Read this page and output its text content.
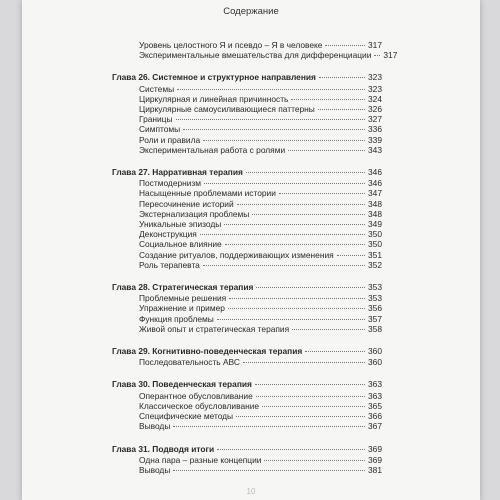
Содержание
Уровень целостного Я и псевдо – Я в человеке	317
Экспериментальные вмешательства для дифференциации 317
Глава 26. Системное и структурное направления	323
Системы	323
Циркулярная и линейная причинность	324
Циркулярные самоусиливающиеся паттерны	326
Границы	327
Симптомы	336
Роли и правила	339
Экспериментальная работа с ролями	343
Глава 27. Нарративная терапия	346
Постмодернизм	346
Насыщенные проблемами истории	347
Пересочинение историй	348
Экстернализация проблемы	348
Уникальные эпизоды	349
Деконструкция	350
Социальное влияние	350
Создание ритуалов, поддерживающих изменения	351
Роль терапевта	352
Глава 28. Стратегическая терапия	353
Проблемные решения	353
Упражнение и пример	356
Функция проблемы	357
Живой опыт и стратегическая терапия	358
Глава 29. Когнитивно-поведенческая терапия	360
Последовательность АВС	360
Глава 30. Поведенческая терапия	363
Оперантное обусловливание	363
Классическое обусловливание	365
Специфические методы	366
Выводы	367
Глава 31. Подводя итоги	369
Одна пара – разные концепции	369
Выводы	381
10
